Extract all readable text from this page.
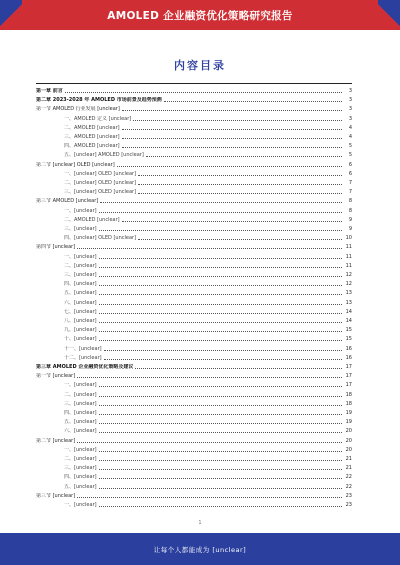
AMOLED 企业融资优化策略研究报告
内容目录
第一章 前言	3
第二章 2023-2028 年 AMOLED 市场前景及趋势预测	3
第一节 AMOLED 行业发展 [unclear]	3
一、AMOLED 定义 [unclear]	3
二、AMOLED [unclear]	4
三、AMOLED [unclear]	4
四、AMOLED [unclear]	5
五、[unclear] AMOLED [unclear]	5
第二节 [unclear] OLED [unclear]	6
一、[unclear] OLED [unclear]	6
二、[unclear] OLED [unclear]	7
三、[unclear] OLED [unclear]	7
第三节 AMOLED [unclear]	8
一、[unclear]	8
二、AMOLED [unclear]	9
三、[unclear]	9
四、[unclear] OLED [unclear]	10
第四节 [unclear]	11
一、[unclear]	11
二、[unclear]	11
三、[unclear]	12
四、[unclear]	12
五、[unclear]	13
六、[unclear]	13
七、[unclear]	14
八、[unclear]	14
九、[unclear]	15
十、[unclear]	15
十一、[unclear]	16
十二、[unclear]	16
第三章 AMOLED 企业融资优化策略及建议	17
第一节 [unclear]	17
一、[unclear]	17
二、[unclear]	18
三、[unclear]	18
四、[unclear]	19
五、[unclear]	19
六、[unclear]	20
第二节 [unclear]	20
一、[unclear]	20
二、[unclear]	21
三、[unclear]	21
四、[unclear]	22
五、[unclear]	22
第三节 [unclear]	23
一、[unclear]	23
1
让每个人都能成为 [unclear]
